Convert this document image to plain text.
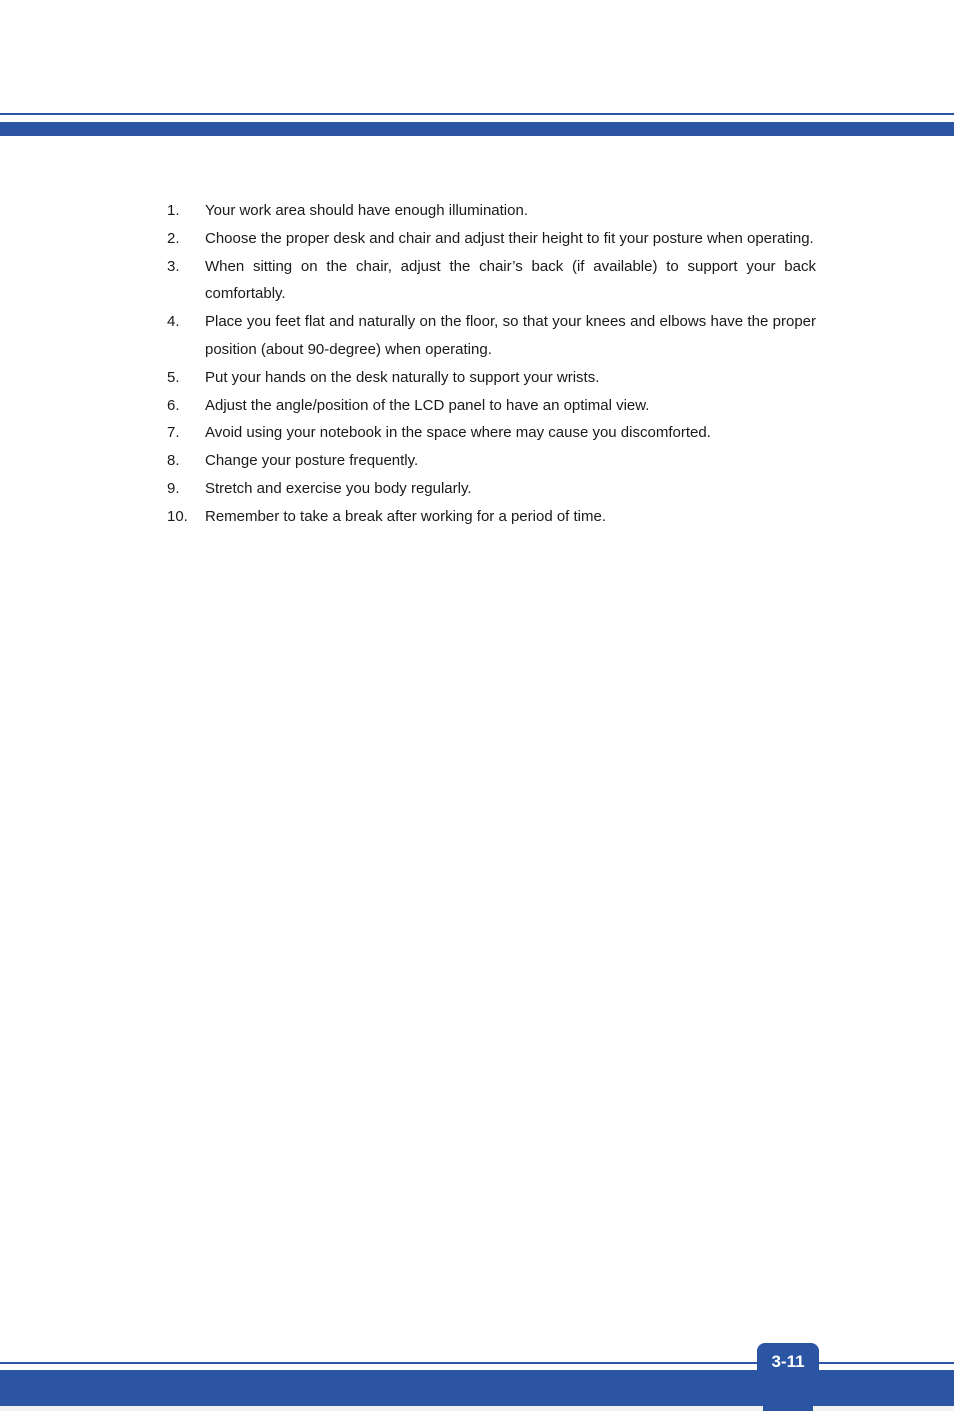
1. Your work area should have enough illumination.
2. Choose the proper desk and chair and adjust their height to fit your posture when operating.
3. When sitting on the chair, adjust the chair’s back (if available) to support your back comfortably.
4. Place you feet flat and naturally on the floor, so that your knees and elbows have the proper position (about 90-degree) when operating.
5. Put your hands on the desk naturally to support your wrists.
6. Adjust the angle/position of the LCD panel to have an optimal view.
7. Avoid using your notebook in the space where may cause you discomforted.
8. Change your posture frequently.
9. Stretch and exercise you body regularly.
10. Remember to take a break after working for a period of time.
3-11
